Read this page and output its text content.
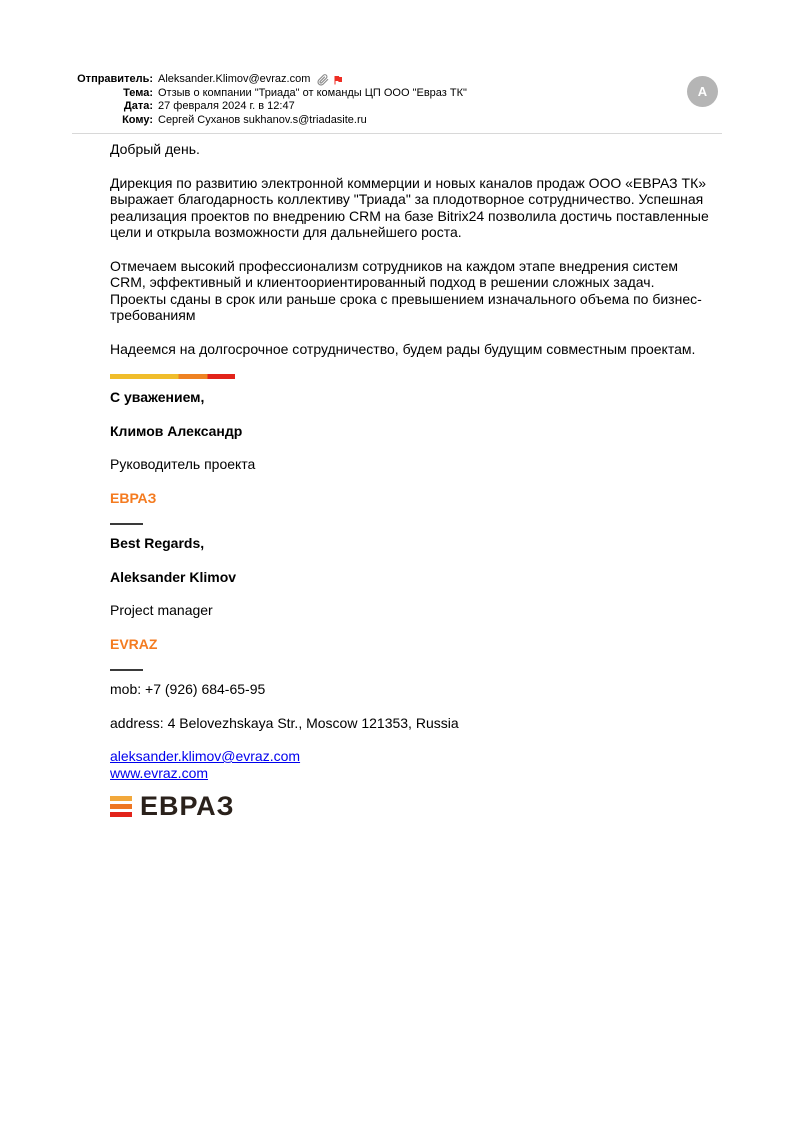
Отправитель: Aleksander.Klimov@evraz.com
Тема: Отзыв о компании "Триада" от команды ЦП ООО "Евраз ТК"
Дата: 27 февраля 2024 г. в 12:47
Кому: Сергей Суханов sukhanov.s@triadasite.ru
A

Добрый день.

Дирекция по развитию электронной коммерции и новых каналов продаж ООО «ЕВРАЗ ТК» выражает благодарность коллективу "Триада" за плодотворное сотрудничество. Успешная реализация проектов по внедрению CRM на базе Bitrix24 позволила достичь поставленные цели и открыла возможности для дальнейшего роста.

Отмечаем высокий профессионализм сотрудников на каждом этапе внедрения систем CRM, эффективный и клиентоориентированный подход в решении сложных задач. Проекты сданы в срок или раньше срока с превышением изначального объема по бизнес-требованиям

Надеемся на долгосрочное сотрудничество, будем рады будущим совместным проектам.

С уважением,

Климов Александр

Руководитель проекта

ЕВРАЗ

Best Regards,

Aleksander Klimov

Project manager

EVRAZ

mob: +7 (926) 684-65-95

address: 4 Belovezhskaya Str., Moscow 121353, Russia

aleksander.klimov@evraz.com
www.evraz.com
ЕВРАЗ
